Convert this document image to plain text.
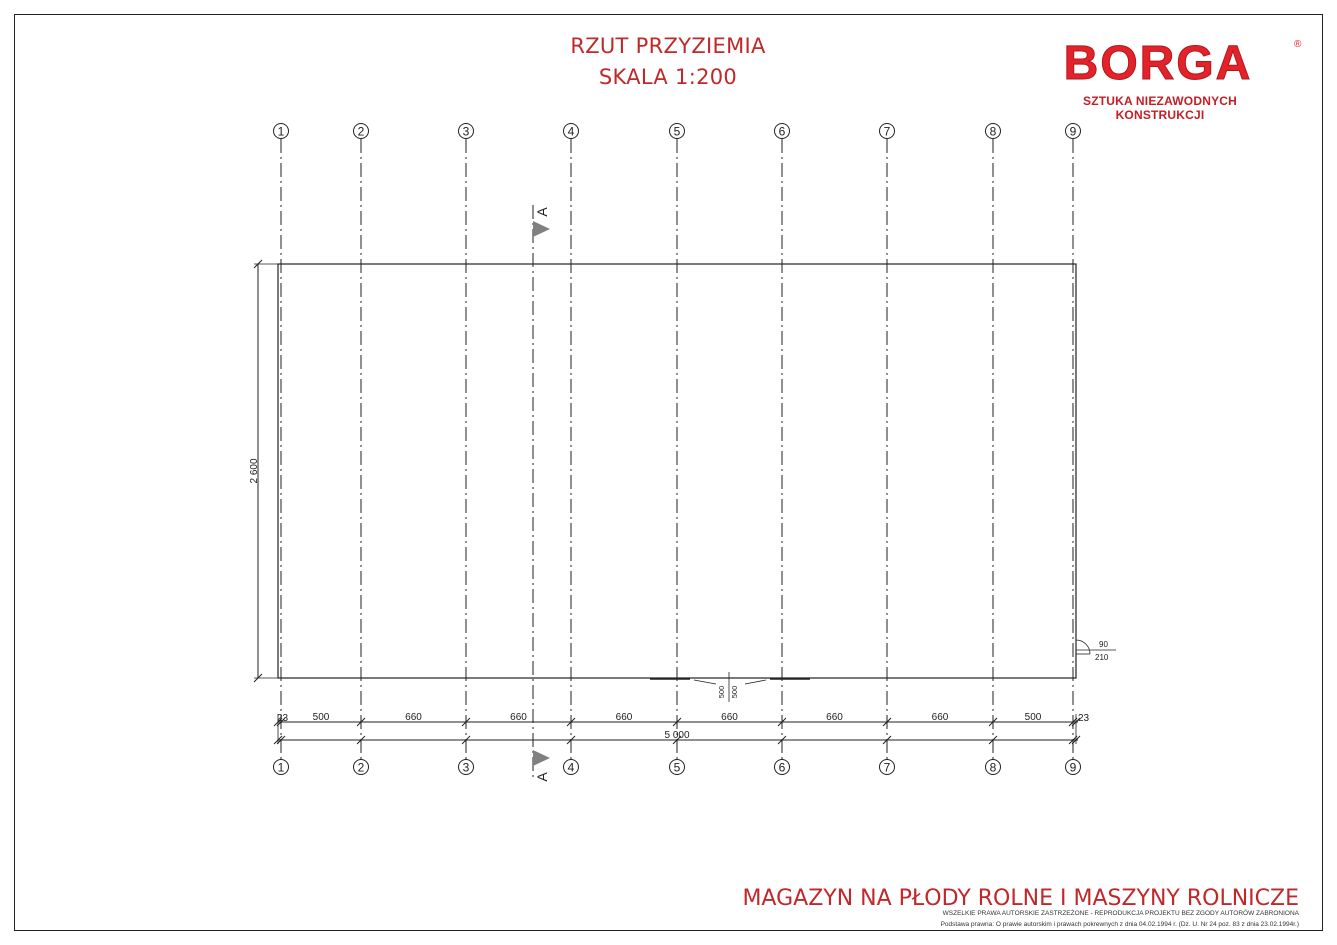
RZUT PRZYZIEMIA
SKALA 1:200	BORGA	®
1
1
2
2
3
3
4
4
5
5
6
6
7
7
8
8
9
9
2 600
500	660	660	660	660	660	660	500
23	23
5 000
A
A
500 500
90
210
SZTUKA NIEZAWODNYCH KONSTRUKCJI
MAGAZYN NA PŁODY ROLNE I MASZYNY ROLNICZE
WSZELKIE PRAWA AUTORSKIE ZASTRZEŻONE - REPRODUKCJA PROJEKTU BEZ ZGODY AUTORÓW ZABRONIONA
Podstawa prawna: O prawie autorskim i prawach pokrewnych z dnia 04.02.1994 r. (Dz. U. Nr 24 poz. 83 z dnia 23.02.1994r.)
